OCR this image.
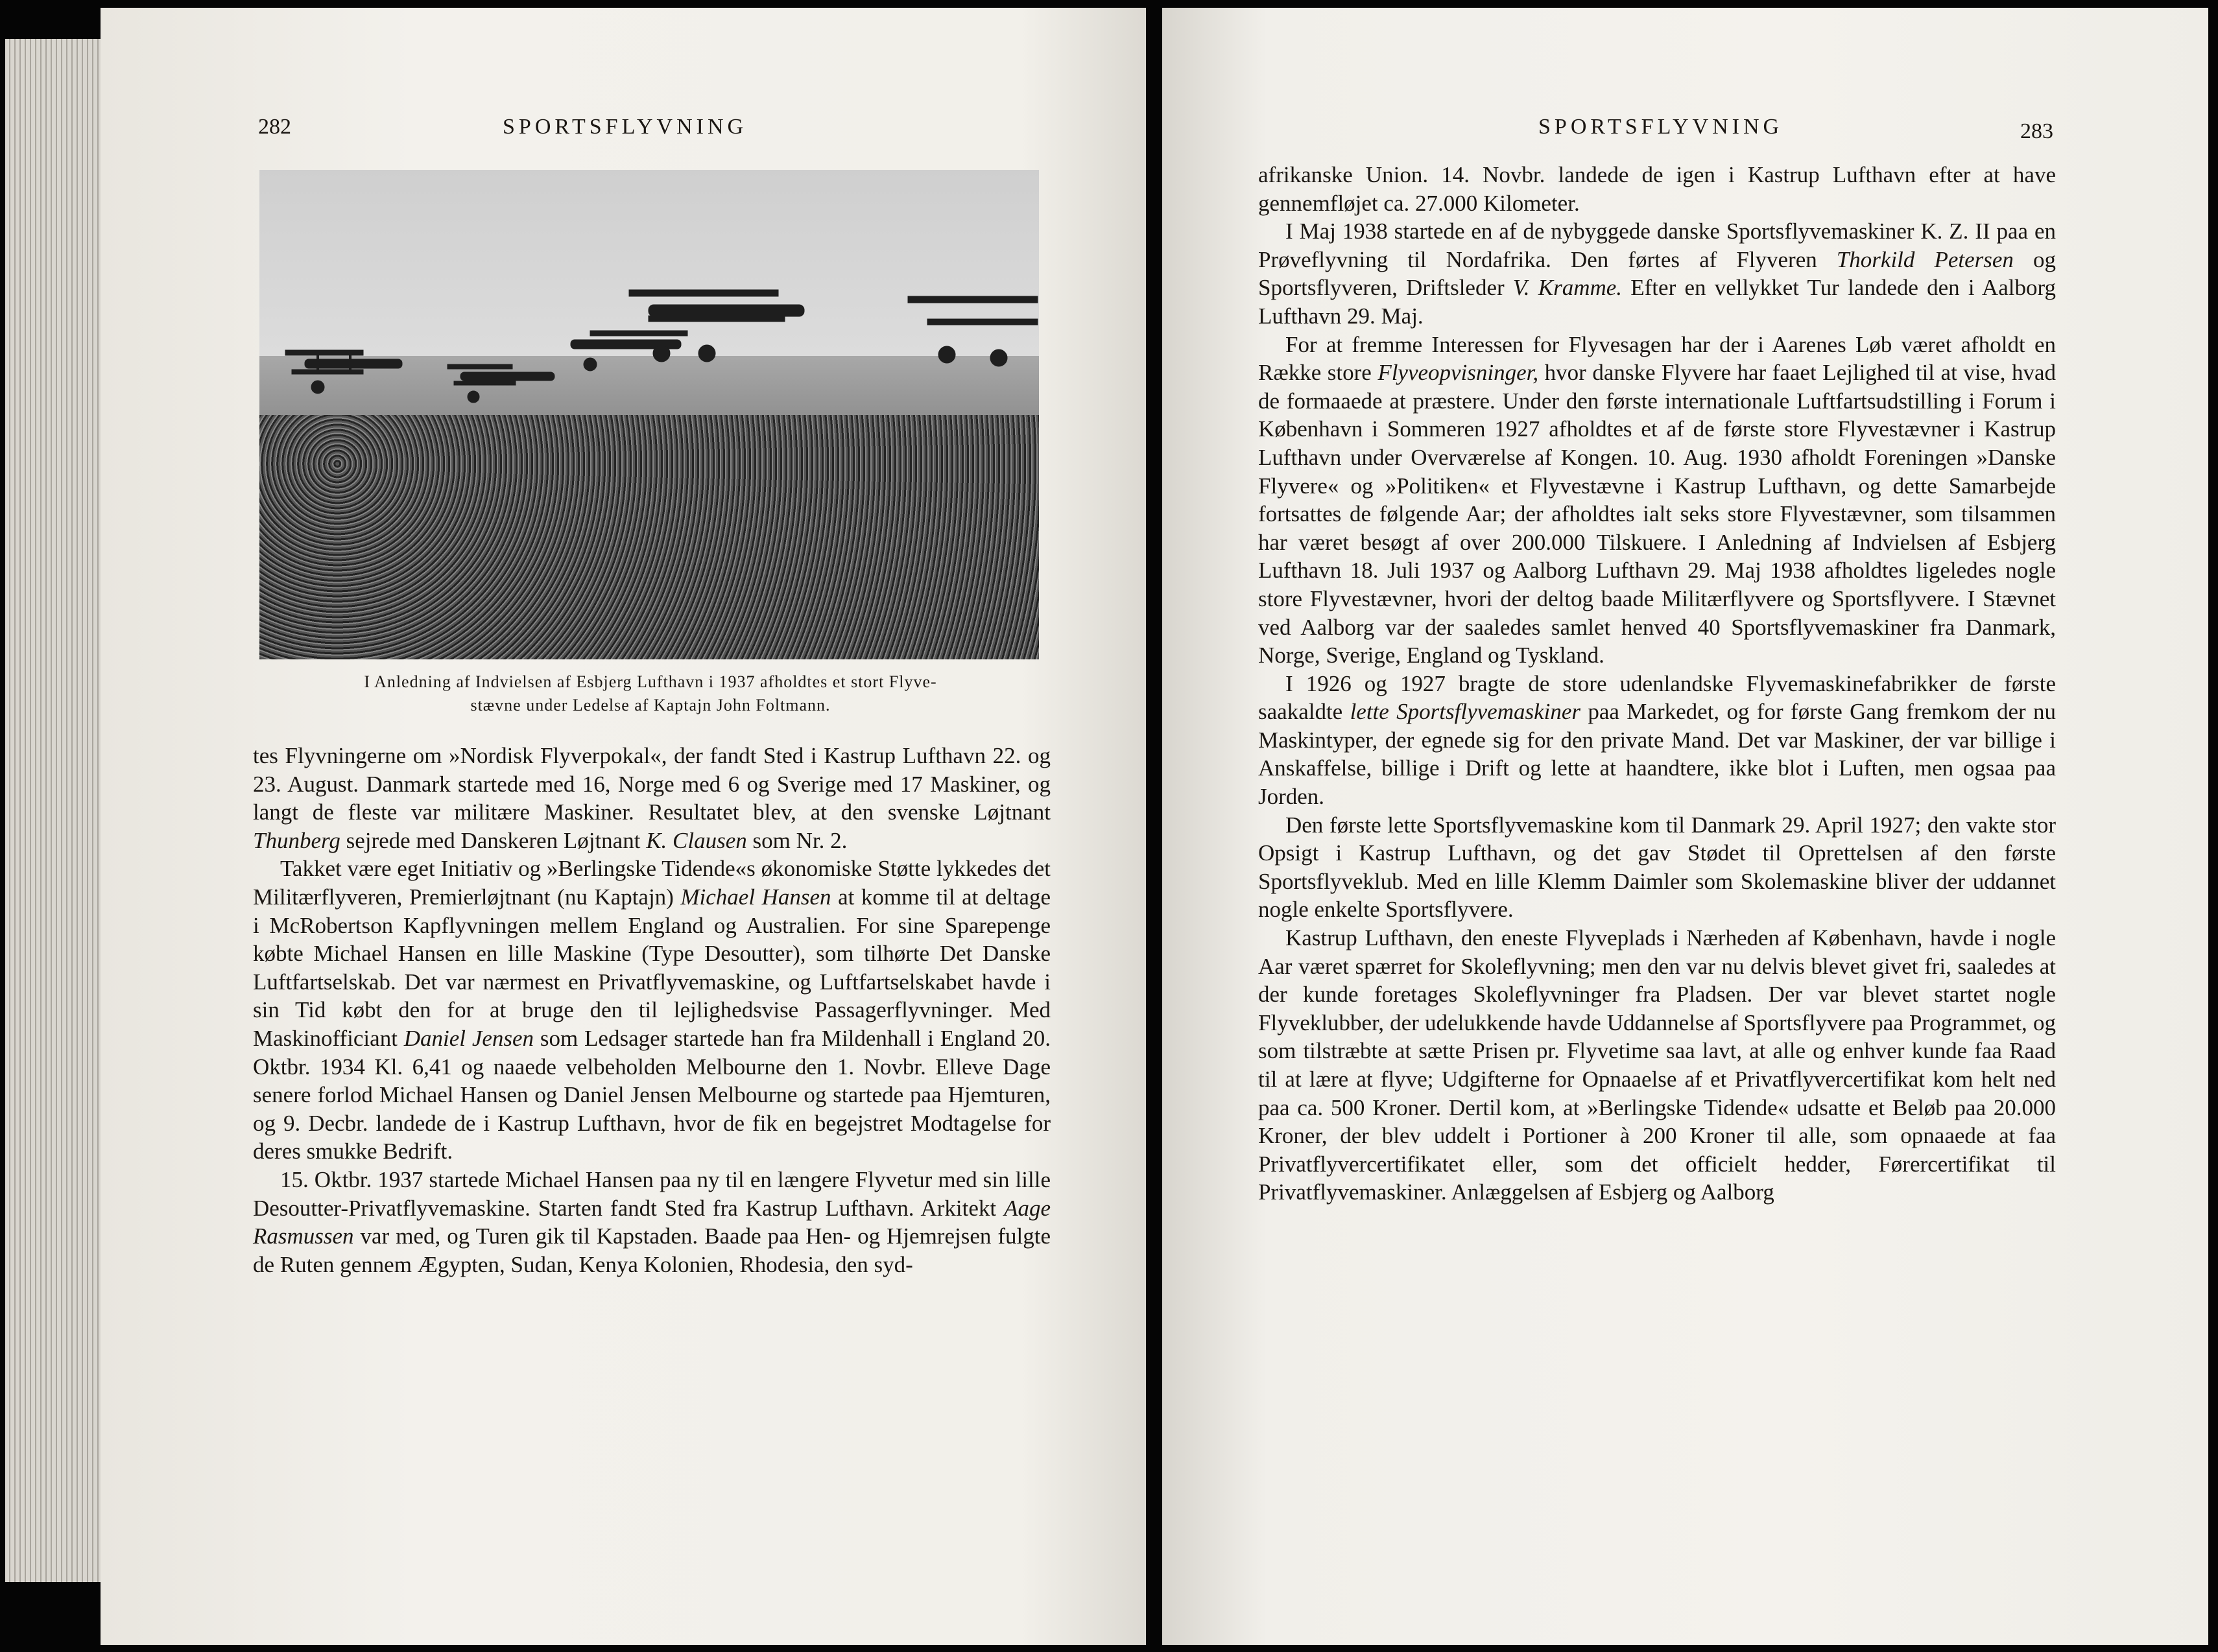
282	SPORTSFLYVNING
I Anledning af Indvielsen af Esbjerg Lufthavn i 1937 afholdtes et stort Flyve-
stævne under Ledelse af Kaptajn John Foltmann.

tes Flyvningerne om »Nordisk Flyverpokal«, der fandt Sted i Kastrup Lufthavn 22. og 23. August. Danmark startede med 16, Norge med 6 og Sverige med 17 Maskiner, og langt de fleste var militære Maskiner. Resultatet blev, at den svenske Løjtnant Thunberg sejrede med Danskeren Løjtnant K. Clausen som Nr. 2.

Takket være eget Initiativ og »Berlingske Tidende«s økonomiske Støtte lykkedes det Militærflyveren, Premierløjtnant (nu Kaptajn) Michael Hansen at komme til at deltage i McRobertson Kapflyvningen mellem England og Australien. For sine Sparepenge købte Michael Hansen en lille Maskine (Type Desoutter), som tilhørte Det Danske Luftfartselskab. Det var nærmest en Privatflyvemaskine, og Luftfartselskabet havde i sin Tid købt den for at bruge den til lejlighedsvise Passagerflyvninger. Med Maskinofficiant Daniel Jensen som Ledsager startede han fra Mildenhall i England 20. Oktbr. 1934 Kl. 6,41 og naaede velbeholden Melbourne den 1. Novbr. Elleve Dage senere forlod Michael Hansen og Daniel Jensen Melbourne og startede paa Hjemturen, og 9. Decbr. landede de i Kastrup Lufthavn, hvor de fik en begejstret Modtagelse for deres smukke Bedrift.

15. Oktbr. 1937 startede Michael Hansen paa ny til en længere Flyvetur med sin lille Desoutter-Privatflyvemaskine. Starten fandt Sted fra Kastrup Lufthavn. Arkitekt Aage Rasmussen var med, og Turen gik til Kapstaden. Baade paa Hen- og Hjemrejsen fulgte de Ruten gennem Ægypten, Sudan, Kenya Kolonien, Rhodesia, den syd-

SPORTSFLYVNING	283

afrikanske Union. 14. Novbr. landede de igen i Kastrup Lufthavn efter at have gennemfløjet ca. 27.000 Kilometer.

I Maj 1938 startede en af de nybyggede danske Sportsflyvemaskiner K. Z. II paa en Prøveflyvning til Nordafrika. Den førtes af Flyveren Thorkild Petersen og Sportsflyveren, Driftsleder V. Kramme. Efter en vellykket Tur landede den i Aalborg Lufthavn 29. Maj.

For at fremme Interessen for Flyvesagen har der i Aarenes Løb været afholdt en Række store Flyveopvisninger, hvor danske Flyvere har faaet Lejlighed til at vise, hvad de formaaede at præstere. Under den første internationale Luftfartsudstilling i Forum i København i Sommeren 1927 afholdtes et af de første store Flyvestævner i Kastrup Lufthavn under Overværelse af Kongen. 10. Aug. 1930 afholdt Foreningen »Danske Flyvere« og »Politiken« et Flyvestævne i Kastrup Lufthavn, og dette Samarbejde fortsattes de følgende Aar; der afholdtes ialt seks store Flyvestævner, som tilsammen har været besøgt af over 200.000 Tilskuere. I Anledning af Indvielsen af Esbjerg Lufthavn 18. Juli 1937 og Aalborg Lufthavn 29. Maj 1938 afholdtes ligeledes nogle store Flyvestævner, hvori der deltog baade Militærflyvere og Sportsflyvere. I Stævnet ved Aalborg var der saaledes samlet henved 40 Sportsflyvemaskiner fra Danmark, Norge, Sverige, England og Tyskland.

I 1926 og 1927 bragte de store udenlandske Flyvemaskinefabrikker de første saakaldte lette Sportsflyvemaskiner paa Markedet, og for første Gang fremkom der nu Maskintyper, der egnede sig for den private Mand. Det var Maskiner, der var billige i Anskaffelse, billige i Drift og lette at haandtere, ikke blot i Luften, men ogsaa paa Jorden.

Den første lette Sportsflyvemaskine kom til Danmark 29. April 1927; den vakte stor Opsigt i Kastrup Lufthavn, og det gav Stødet til Oprettelsen af den første Sportsflyveklub. Med en lille Klemm Daimler som Skolemaskine bliver der uddannet nogle enkelte Sportsflyvere.

Kastrup Lufthavn, den eneste Flyveplads i Nærheden af København, havde i nogle Aar været spærret for Skoleflyvning; men den var nu delvis blevet givet fri, saaledes at der kunde foretages Skoleflyvninger fra Pladsen. Der var blevet startet nogle Flyveklubber, der udelukkende havde Uddannelse af Sportsflyvere paa Programmet, og som tilstræbte at sætte Prisen pr. Flyvetime saa lavt, at alle og enhver kunde faa Raad til at lære at flyve; Udgifterne for Opnaaelse af et Privatflyvercertifikat kom helt ned paa ca. 500 Kroner. Dertil kom, at »Berlingske Tidende« udsatte et Beløb paa 20.000 Kroner, der blev uddelt i Portioner à 200 Kroner til alle, som opnaaede at faa Privatflyvercertifikatet eller, som det officielt hedder, Førercertifikat til Privatflyvemaskiner. Anlæggelsen af Esbjerg og Aalborg
